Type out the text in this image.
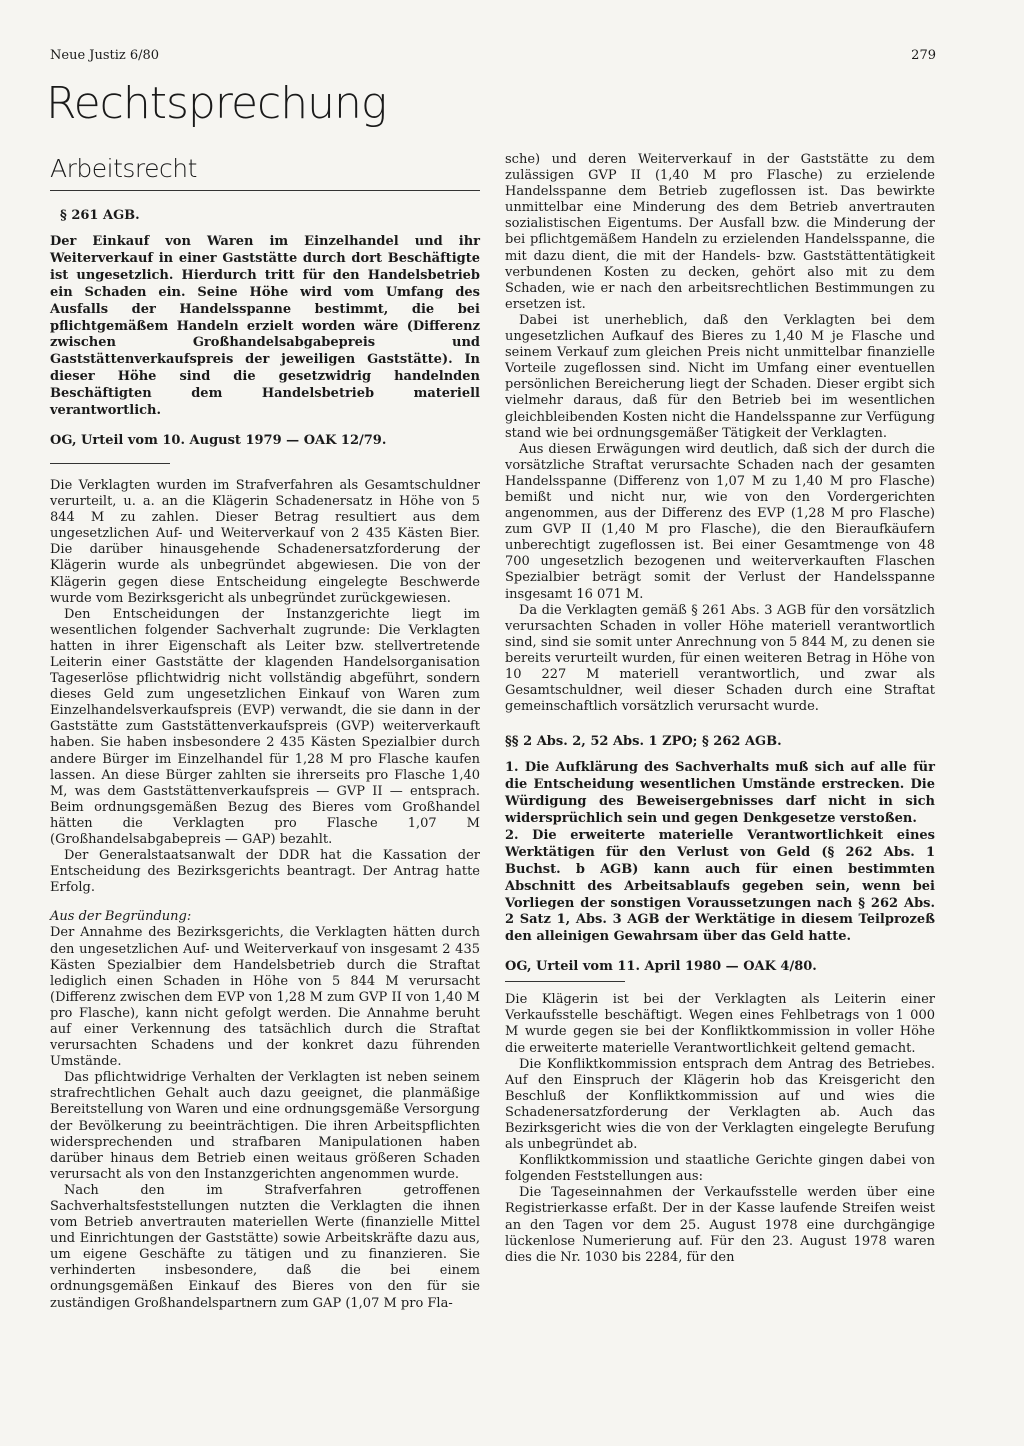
Neue Justiz 6/80	279
Rechtsprechung
Arbeitsrecht
§ 261 AGB.

Der Einkauf von Waren im Einzelhandel und ihr Weiterverkauf in einer Gaststätte durch dort Beschäftigte ist ungesetzlich. Hierdurch tritt für den Handelsbetrieb ein Schaden ein. Seine Höhe wird vom Umfang des Ausfalls der Handelsspanne bestimmt, die bei pflichtgemäßem Handeln erzielt worden wäre (Differenz zwischen Großhandelsabgabepreis und Gaststättenverkaufspreis der jeweiligen Gaststätte). In dieser Höhe sind die gesetzwidrig handelnden Beschäftigten dem Handelsbetrieb materiell verantwortlich.

OG, Urteil vom 10. August 1979 — OAK 12/79.

Die Verklagten wurden im Strafverfahren als Gesamtschuldner verurteilt, u. a. an die Klägerin Schadenersatz in Höhe von 5 844 M zu zahlen. Dieser Betrag resultiert aus dem ungesetzlichen Auf- und Weiterverkauf von 2 435 Kästen Bier. Die darüber hinausgehende Schadenersatzforderung der Klägerin wurde als unbegründet abgewiesen. Die von der Klägerin gegen diese Entscheidung eingelegte Beschwerde wurde vom Bezirksgericht als unbegründet zurückgewiesen.

Den Entscheidungen der Instanzgerichte liegt im wesentlichen folgender Sachverhalt zugrunde: Die Verklagten hatten in ihrer Eigenschaft als Leiter bzw. stellvertretende Leiterin einer Gaststätte der klagenden Handelsorganisation Tageserlöse pflichtwidrig nicht vollständig abgeführt, sondern dieses Geld zum ungesetzlichen Einkauf von Waren zum Einzelhandelsverkaufspreis (EVP) verwandt, die sie dann in der Gaststätte zum Gaststättenverkaufspreis (GVP) weiterverkauft haben. Sie haben insbesondere 2 435 Kästen Spezialbier durch andere Bürger im Einzelhandel für 1,28 M pro Flasche kaufen lassen. An diese Bürger zahlten sie ihrerseits pro Flasche 1,40 M, was dem Gaststättenverkaufspreis — GVP II — entsprach. Beim ordnungsgemäßen Bezug des Bieres vom Großhandel hätten die Verklagten pro Flasche 1,07 M (Großhandelsabgabepreis — GAP) bezahlt.

Der Generalstaatsanwalt der DDR hat die Kassation der Entscheidung des Bezirksgerichts beantragt. Der Antrag hatte Erfolg.

Aus der Begründung:

Der Annahme des Bezirksgerichts, die Verklagten hätten durch den ungesetzlichen Auf- und Weiterverkauf von insgesamt 2 435 Kästen Spezialbier dem Handelsbetrieb durch die Straftat lediglich einen Schaden in Höhe von 5 844 M verursacht (Differenz zwischen dem EVP von 1,28 M zum GVP II von 1,40 M pro Flasche), kann nicht gefolgt werden. Die Annahme beruht auf einer Verkennung des tatsächlich durch die Straftat verursachten Schadens und der konkret dazu führenden Umstände.

Das pflichtwidrige Verhalten der Verklagten ist neben seinem strafrechtlichen Gehalt auch dazu geeignet, die planmäßige Bereitstellung von Waren und eine ordnungsgemäße Versorgung der Bevölkerung zu beeinträchtigen. Die ihren Arbeitspflichten widersprechenden und strafbaren Manipulationen haben darüber hinaus dem Betrieb einen weitaus größeren Schaden verursacht als von den Instanzgerichten angenommen wurde.

Nach den im Strafverfahren getroffenen Sachverhaltsfeststellungen nutzten die Verklagten die ihnen vom Betrieb anvertrauten materiellen Werte (finanzielle Mittel und Einrichtungen der Gaststätte) sowie Arbeitskräfte dazu aus, um eigene Geschäfte zu tätigen und zu finanzieren. Sie verhinderten insbesondere, daß die bei einem ordnungsgemäßen Einkauf des Bieres von den für sie zuständigen Großhandelspartnern zum GAP (1,07 M pro Fla-

sche) und deren Weiterverkauf in der Gaststätte zu dem zulässigen GVP II (1,40 M pro Flasche) zu erzielende Handelsspanne dem Betrieb zugeflossen ist. Das bewirkte unmittelbar eine Minderung des dem Betrieb anvertrauten sozialistischen Eigentums. Der Ausfall bzw. die Minderung der bei pflichtgemäßem Handeln zu erzielenden Handelsspanne, die mit dazu dient, die mit der Handels- bzw. Gaststättentätigkeit verbundenen Kosten zu decken, gehört also mit zu dem Schaden, wie er nach den arbeitsrechtlichen Bestimmungen zu ersetzen ist.

Dabei ist unerheblich, daß den Verklagten bei dem ungesetzlichen Aufkauf des Bieres zu 1,40 M je Flasche und seinem Verkauf zum gleichen Preis nicht unmittelbar finanzielle Vorteile zugeflossen sind. Nicht im Umfang einer eventuellen persönlichen Bereicherung liegt der Schaden. Dieser ergibt sich vielmehr daraus, daß für den Betrieb bei im wesentlichen gleichbleibenden Kosten nicht die Handelsspanne zur Verfügung stand wie bei ordnungsgemäßer Tätigkeit der Verklagten.

Aus diesen Erwägungen wird deutlich, daß sich der durch die vorsätzliche Straftat verursachte Schaden nach der gesamten Handelsspanne (Differenz von 1,07 M zu 1,40 M pro Flasche) bemißt und nicht nur, wie von den Vordergerichten angenommen, aus der Differenz des EVP (1,28 M pro Flasche) zum GVP II (1,40 M pro Flasche), die den Bieraufkäufern unberechtigt zugeflossen ist. Bei einer Gesamtmenge von 48 700 ungesetzlich bezogenen und weiterverkauften Flaschen Spezialbier beträgt somit der Verlust der Handelsspanne insgesamt 16 071 M.

Da die Verklagten gemäß § 261 Abs. 3 AGB für den vorsätzlich verursachten Schaden in voller Höhe materiell verantwortlich sind, sind sie somit unter Anrechnung von 5 844 M, zu denen sie bereits verurteilt wurden, für einen weiteren Betrag in Höhe von 10 227 M materiell verantwortlich, und zwar als Gesamtschuldner, weil dieser Schaden durch eine Straftat gemeinschaftlich vorsätzlich verursacht wurde.

§§ 2 Abs. 2, 52 Abs. 1 ZPO; § 262 AGB.

1. Die Aufklärung des Sachverhalts muß sich auf alle für die Entscheidung wesentlichen Umstände erstrecken. Die Würdigung des Beweisergebnisses darf nicht in sich widersprüchlich sein und gegen Denkgesetze verstoßen.

2. Die erweiterte materielle Verantwortlichkeit eines Werktätigen für den Verlust von Geld (§ 262 Abs. 1 Buchst. b AGB) kann auch für einen bestimmten Abschnitt des Arbeitsablaufs gegeben sein, wenn bei Vorliegen der sonstigen Voraussetzungen nach § 262 Abs. 2 Satz 1, Abs. 3 AGB der Werktätige in diesem Teilprozeß den alleinigen Gewahrsam über das Geld hatte.

OG, Urteil vom 11. April 1980 — OAK 4/80.

Die Klägerin ist bei der Verklagten als Leiterin einer Verkaufsstelle beschäftigt. Wegen eines Fehlbetrags von 1 000 M wurde gegen sie bei der Konfliktkommission in voller Höhe die erweiterte materielle Verantwortlichkeit geltend gemacht.

Die Konfliktkommission entsprach dem Antrag des Betriebes. Auf den Einspruch der Klägerin hob das Kreisgericht den Beschluß der Konfliktkommission auf und wies die Schadenersatzforderung der Verklagten ab. Auch das Bezirksgericht wies die von der Verklagten eingelegte Berufung als unbegründet ab.

Konfliktkommission und staatliche Gerichte gingen dabei von folgenden Feststellungen aus:

Die Tageseinnahmen der Verkaufsstelle werden über eine Registrierkasse erfaßt. Der in der Kasse laufende Streifen weist an den Tagen vor dem 25. August 1978 eine durchgängige lückenlose Numerierung auf. Für den 23. August 1978 waren dies die Nr. 1030 bis 2284, für den
